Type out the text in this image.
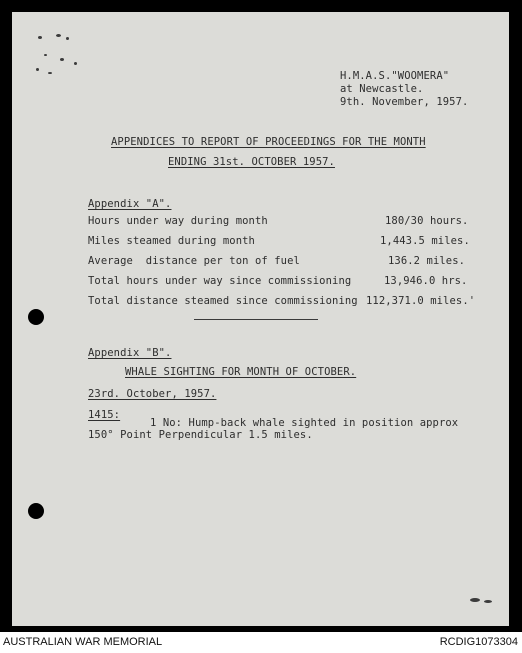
H.M.A.S."WOOMERA"
at Newcastle.
9th. November, 1957.
APPENDICES TO REPORT OF PROCEEDINGS FOR THE MONTH
ENDING 31st. OCTOBER 1957.
Appendix "A".
Hours under way during month	180/30 hours.
Miles steamed during month	1,443.5 miles.
Average  distance per ton of fuel	136.2 miles.
Total hours under way since commissioning	13,946.0 hrs.
Total distance steamed since commissioning 112,371.0 miles.'
Appendix "B".
WHALE SIGHTING FOR MONTH OF OCTOBER.
23rd. October, 1957.
1415:
1 No: Hump-back whale sighted in position approx
150° Point Perpendicular 1.5 miles.
AUSTRALIAN WAR MEMORIAL	RCDIG1073304
